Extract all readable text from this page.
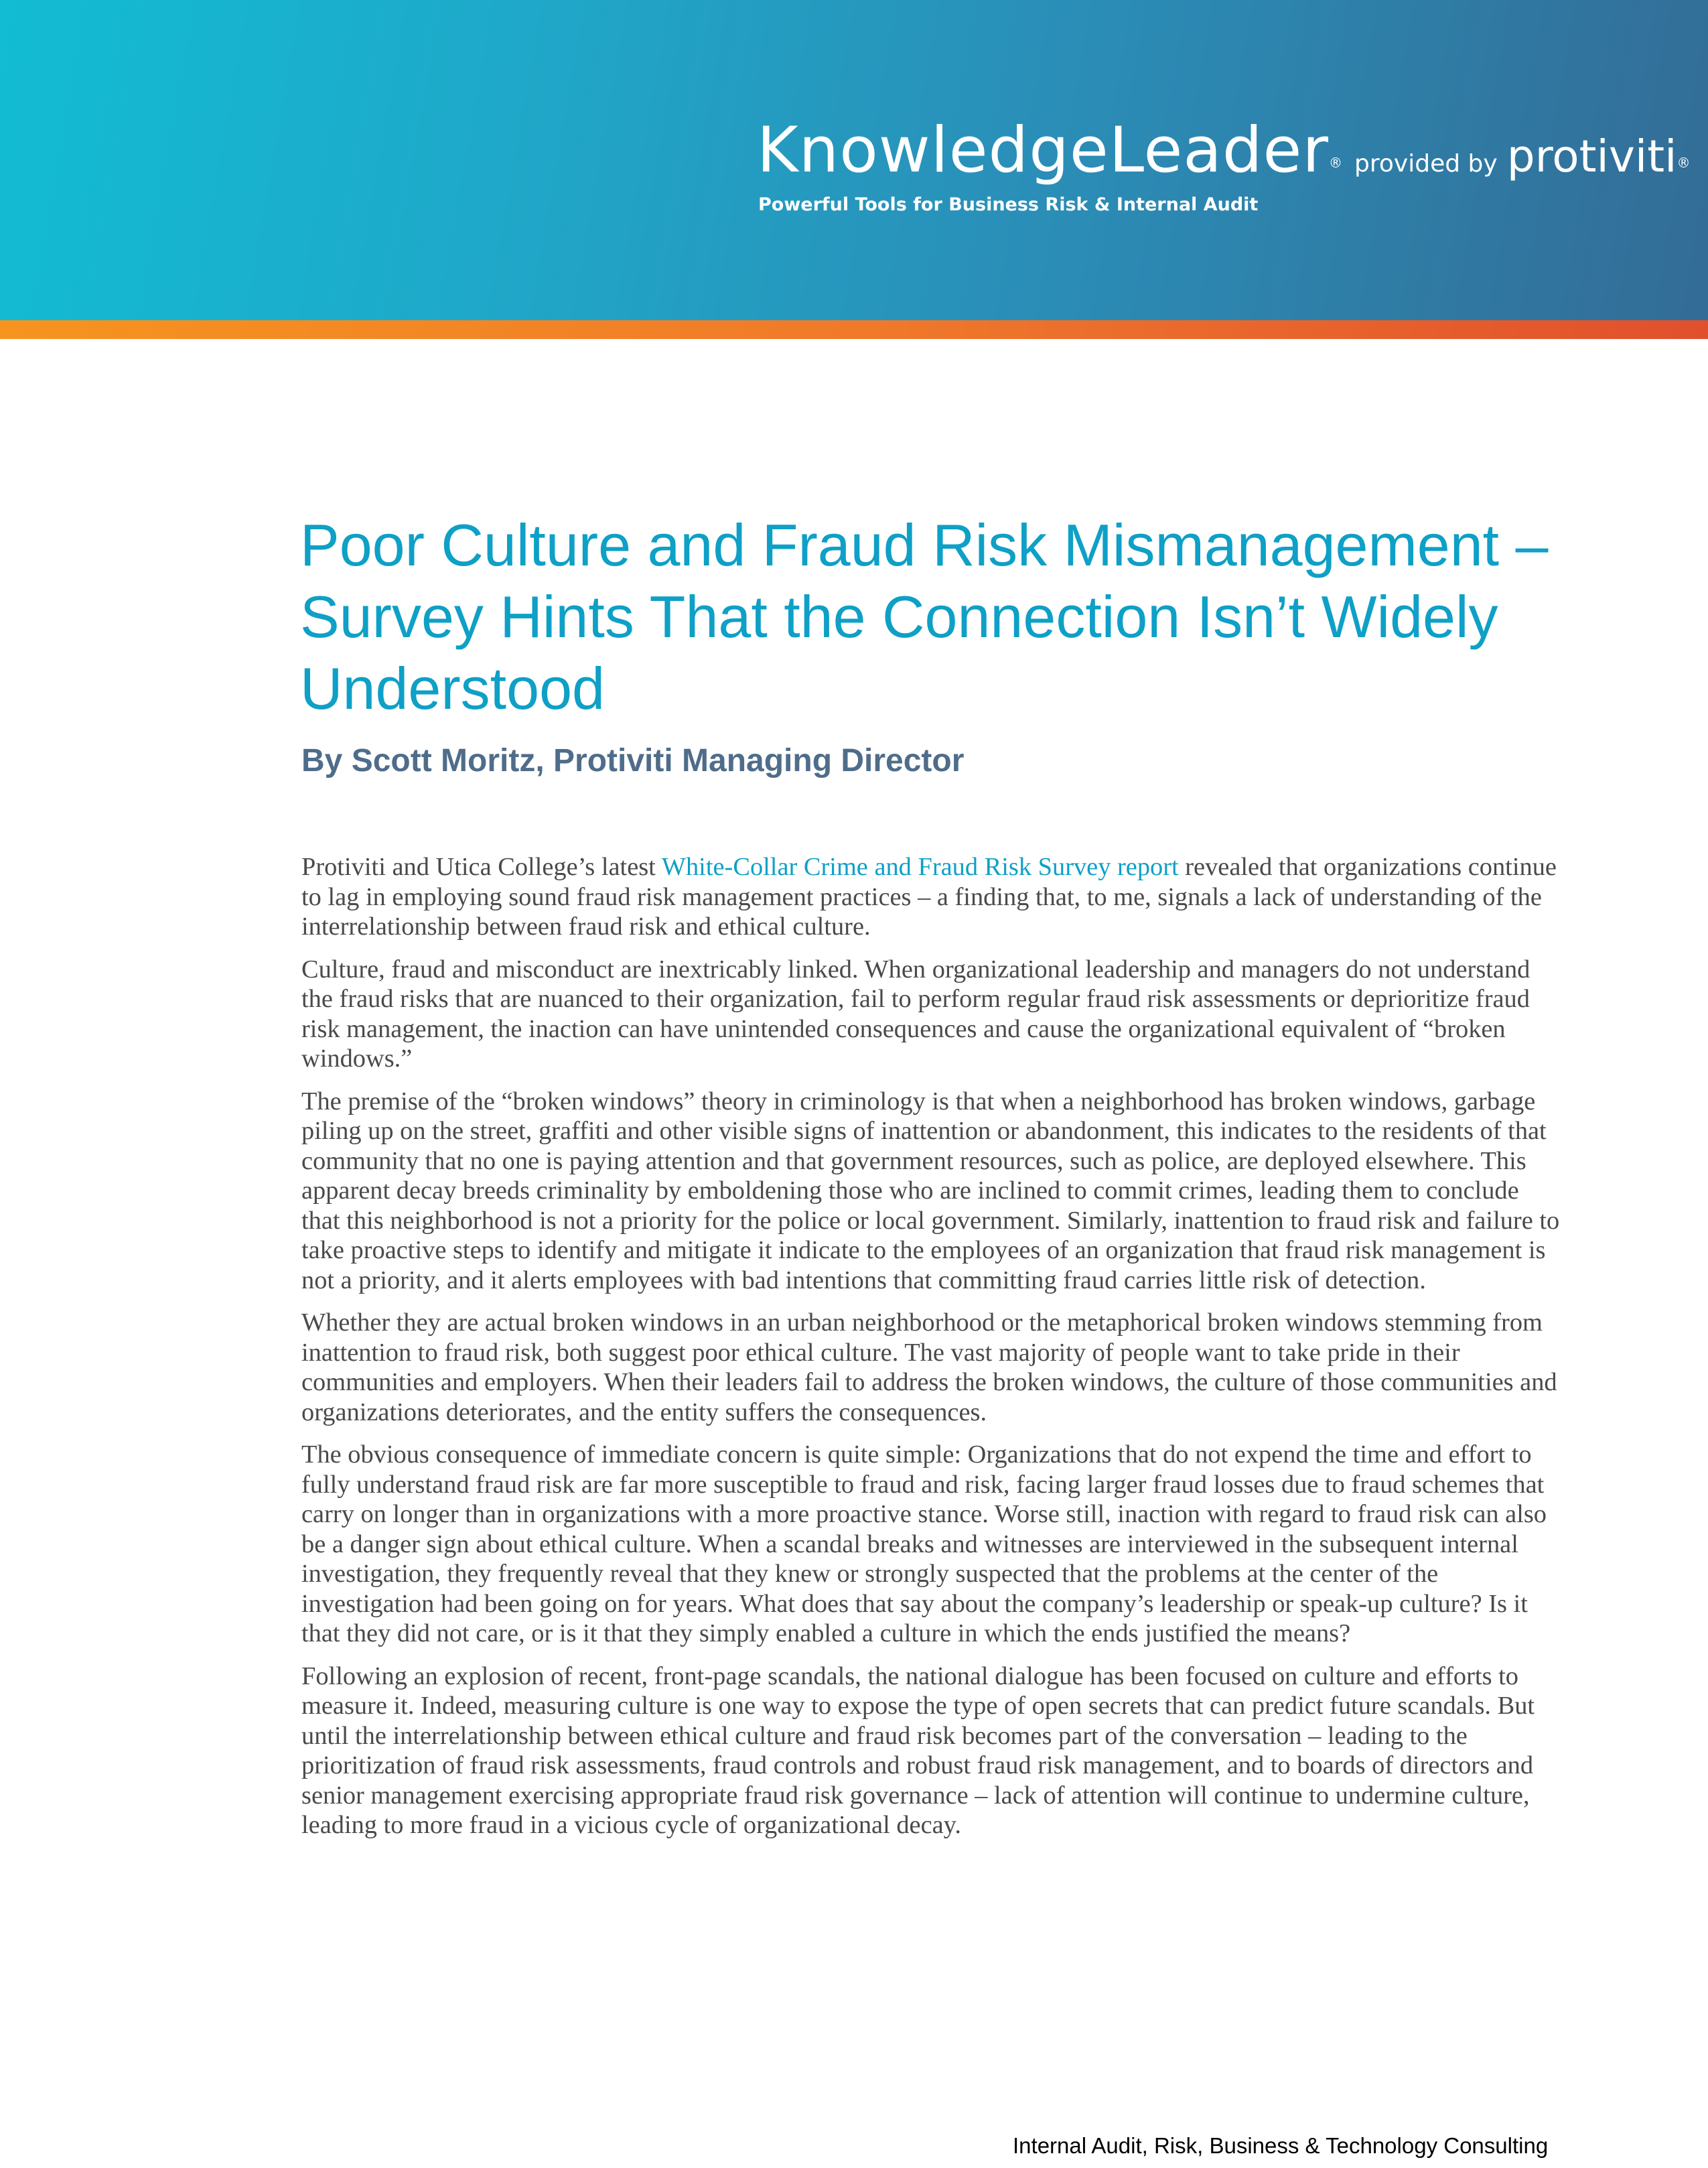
KnowledgeLeader® provided by protiviti®
Powerful Tools for Business Risk & Internal Audit
Poor Culture and Fraud Risk Mismanagement – Survey Hints That the Connection Isn’t Widely Understood
By Scott Moritz, Protiviti Managing Director

Protiviti and Utica College’s latest White-Collar Crime and Fraud Risk Survey report revealed that organizations continue to lag in employing sound fraud risk management practices – a finding that, to me, signals a lack of understanding of the interrelationship between fraud risk and ethical culture.

Culture, fraud and misconduct are inextricably linked. When organizational leadership and managers do not understand the fraud risks that are nuanced to their organization, fail to perform regular fraud risk assessments or deprioritize fraud risk management, the inaction can have unintended consequences and cause the organizational equivalent of “broken windows.”

The premise of the “broken windows” theory in criminology is that when a neighborhood has broken windows, garbage piling up on the street, graffiti and other visible signs of inattention or abandonment, this indicates to the residents of that community that no one is paying attention and that government resources, such as police, are deployed elsewhere. This apparent decay breeds criminality by emboldening those who are inclined to commit crimes, leading them to conclude that this neighborhood is not a priority for the police or local government. Similarly, inattention to fraud risk and failure to take proactive steps to identify and mitigate it indicate to the employees of an organization that fraud risk management is not a priority, and it alerts employees with bad intentions that committing fraud carries little risk of detection.

Whether they are actual broken windows in an urban neighborhood or the metaphorical broken windows stemming from inattention to fraud risk, both suggest poor ethical culture. The vast majority of people want to take pride in their communities and employers. When their leaders fail to address the broken windows, the culture of those communities and organizations deteriorates, and the entity suffers the consequences.

The obvious consequence of immediate concern is quite simple: Organizations that do not expend the time and effort to fully understand fraud risk are far more susceptible to fraud and risk, facing larger fraud losses due to fraud schemes that carry on longer than in organizations with a more proactive stance. Worse still, inaction with regard to fraud risk can also be a danger sign about ethical culture. When a scandal breaks and witnesses are interviewed in the subsequent internal investigation, they frequently reveal that they knew or strongly suspected that the problems at the center of the investigation had been going on for years. What does that say about the company’s leadership or speak-up culture? Is it that they did not care, or is it that they simply enabled a culture in which the ends justified the means?

Following an explosion of recent, front-page scandals, the national dialogue has been focused on culture and efforts to measure it. Indeed, measuring culture is one way to expose the type of open secrets that can predict future scandals. But until the interrelationship between ethical culture and fraud risk becomes part of the conversation – leading to the prioritization of fraud risk assessments, fraud controls and robust fraud risk management, and to boards of directors and senior management exercising appropriate fraud risk governance – lack of attention will continue to undermine culture, leading to more fraud in a vicious cycle of organizational decay.

Internal Audit, Risk, Business & Technology Consulting
